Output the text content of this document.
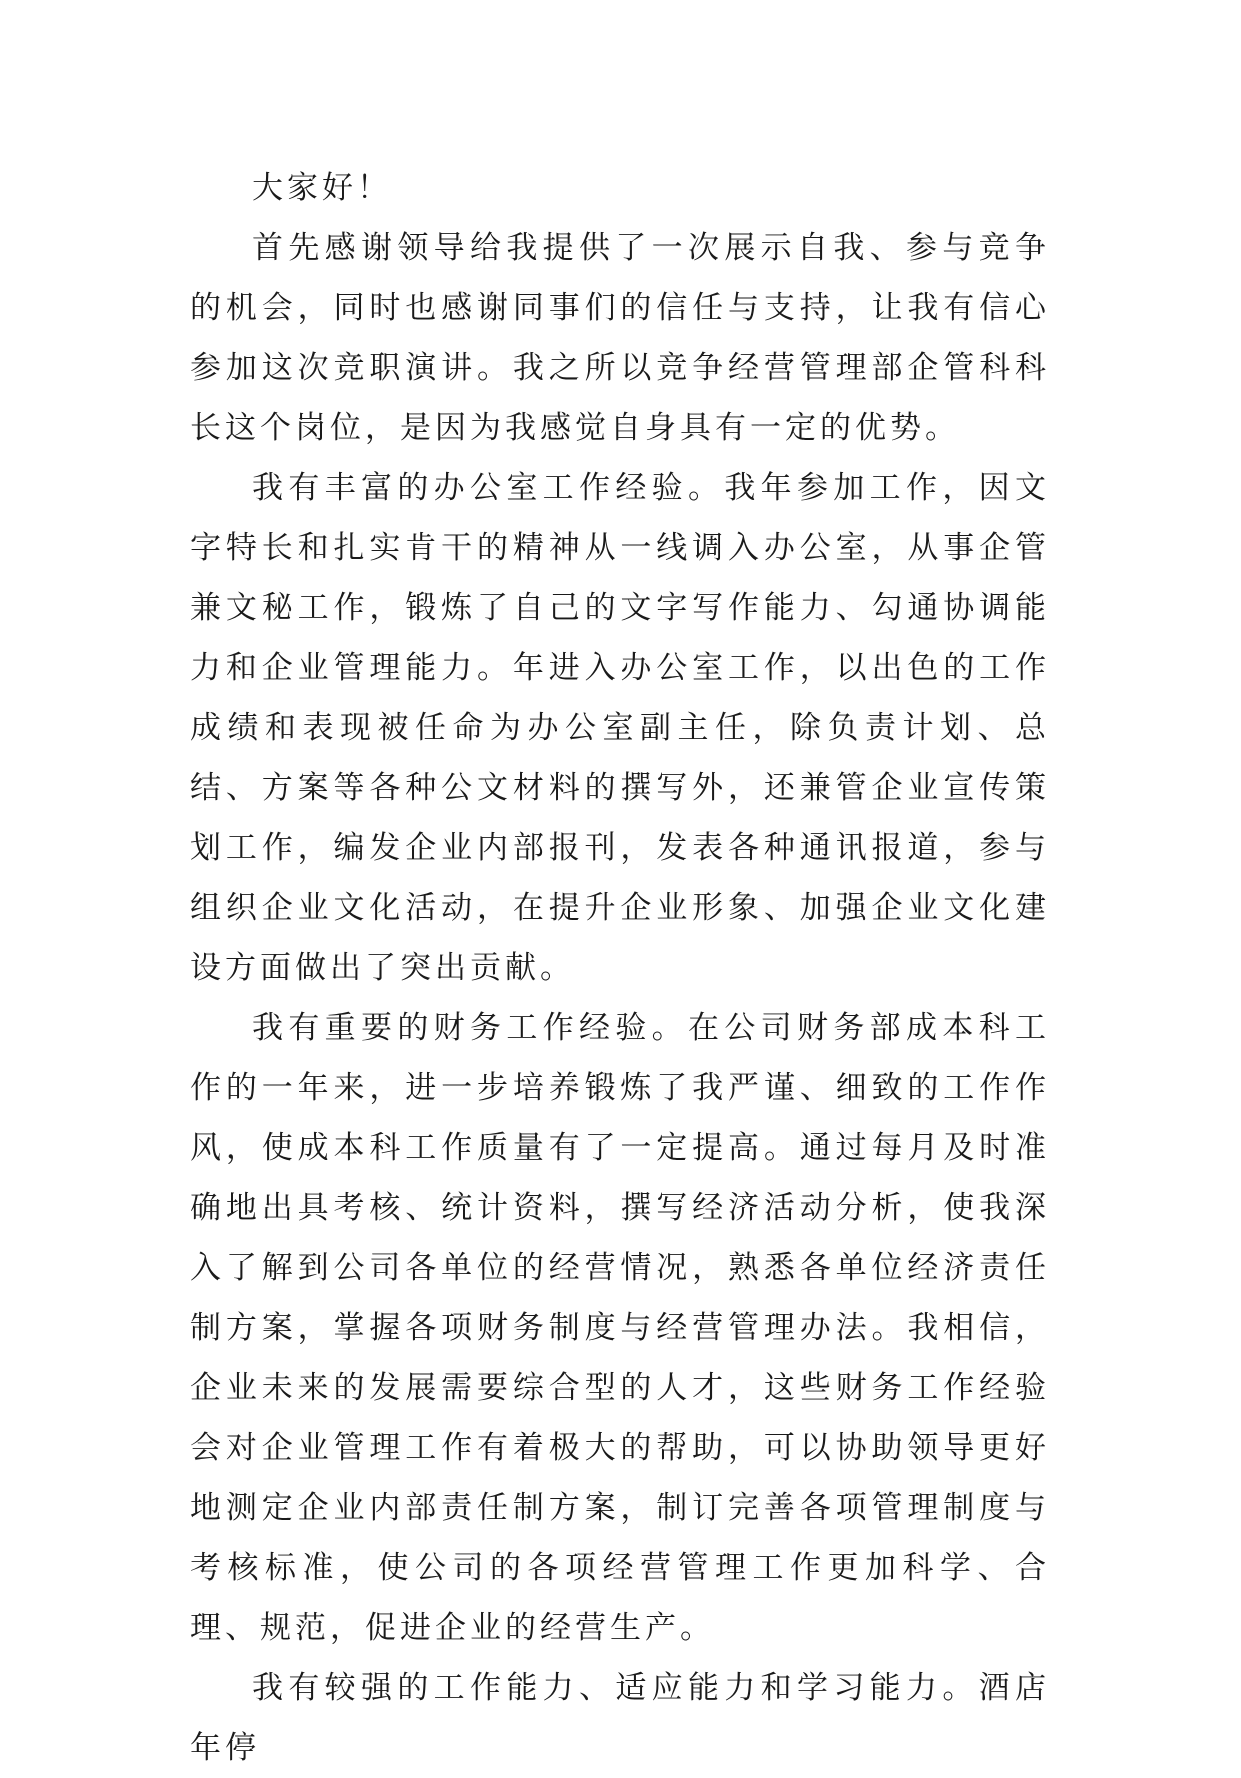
大家好！

首先感谢领导给我提供了一次展示自我、参与竞争的机会，同时也感谢同事们的信任与支持，让我有信心参加这次竞职演讲。我之所以竞争经营管理部企管科科长这个岗位，是因为我感觉自身具有一定的优势。

我有丰富的办公室工作经验。我年参加工作，因文字特长和扎实肯干的精神从一线调入办公室，从事企管兼文秘工作，锻炼了自己的文字写作能力、勾通协调能力和企业管理能力。年进入办公室工作，以出色的工作成绩和表现被任命为办公室副主任，除负责计划、总结、方案等各种公文材料的撰写外，还兼管企业宣传策划工作，编发企业内部报刊，发表各种通讯报道，参与组织企业文化活动，在提升企业形象、加强企业文化建设方面做出了突出贡献。

我有重要的财务工作经验。在公司财务部成本科工作的一年来，进一步培养锻炼了我严谨、细致的工作作风，使成本科工作质量有了一定提高。通过每月及时准确地出具考核、统计资料，撰写经济活动分析，使我深入了解到公司各单位的经营情况，熟悉各单位经济责任制方案，掌握各项财务制度与经营管理办法。我相信，企业未来的发展需要综合型的人才，这些财务工作经验会对企业管理工作有着极大的帮助，可以协助领导更好地测定企业内部责任制方案，制订完善各项管理制度与考核标准，使公司的各项经营管理工作更加科学、合理、规范，促进企业的经营生产。

我有较强的工作能力、适应能力和学习能力。酒店年停
